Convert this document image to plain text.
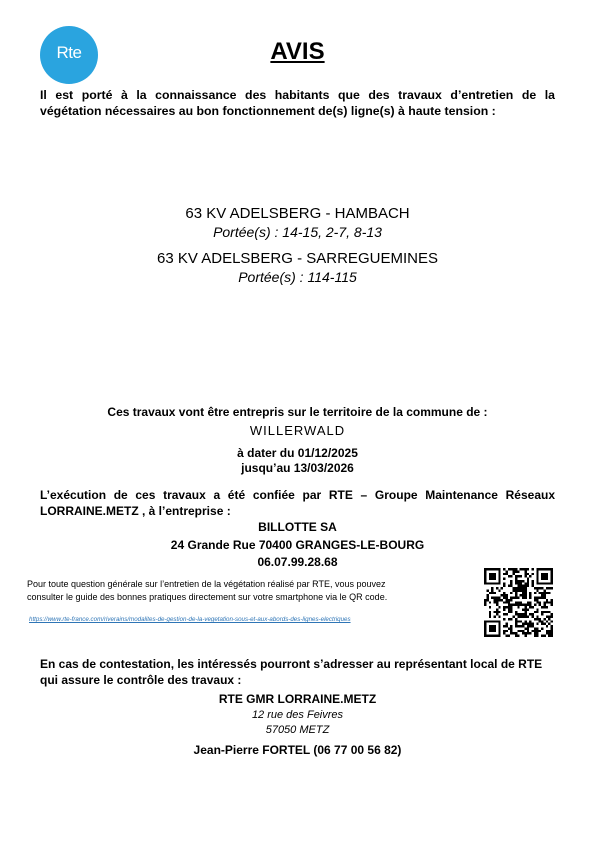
Rte	AVIS
Il est porté à la connaissance des habitants que des travaux d’entretien de la
végétation nécessaires au bon fonctionnement de(s) ligne(s) à haute tension :
63 KV ADELSBERG - HAMBACH
Portée(s) : 14-15, 2-7, 8-13
63 KV ADELSBERG - SARREGUEMINES
Portée(s) : 114-115
Ces travaux vont être entrepris sur le territoire de la commune de :
WILLERWALD
à dater du 01/12/2025
jusqu’au 13/03/2026
L’exécution de ces travaux a été confiée par RTE – Groupe Maintenance Réseaux
LORRAINE.METZ , à l’entreprise :
BILLOTTE SA
24 Grande Rue 70400 GRANGES-LE-BOURG
06.07.99.28.68
Pour toute question générale sur l’entretien de la végétation réalisé par RTE, vous pouvez
consulter le guide des bonnes pratiques directement sur votre smartphone via le QR code.
https://www.rte-france.com/riverains/modalites-de-gestion-de-la-vegetation-sous-et-aux-abords-des-lignes-electriques
En cas de contestation, les intéressés pourront s’adresser au représentant local de RTE
qui assure le contrôle des travaux :
RTE GMR LORRAINE.METZ
12 rue des Feivres
57050 METZ
Jean-Pierre FORTEL (06 77 00 56 82)
